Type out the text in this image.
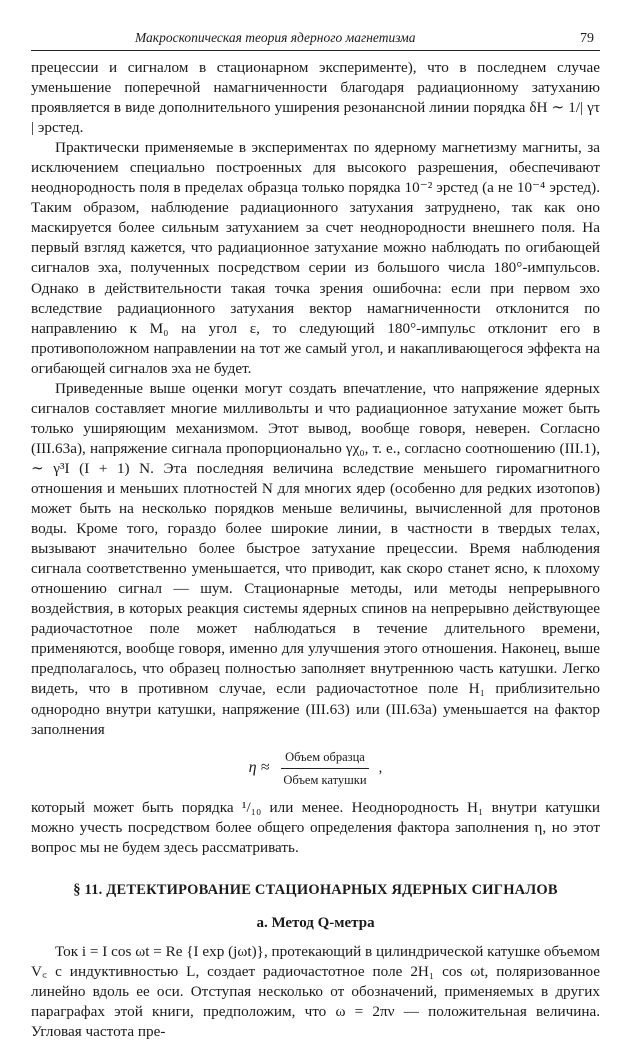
Макроскопическая теория ядерного магнетизма	79

прецессии и сигналом в стационарном эксперименте), что в последнем случае уменьшение поперечной намагниченности благодаря радиационному затуханию проявляется в виде дополнительного уширения резонансной линии порядка δH ∼ 1/| γτ | эрстед.

Практически применяемые в экспериментах по ядерному магнетизму магниты, за исключением специально построенных для высокого разрешения, обеспечивают неоднородность поля в пределах образца только порядка 10⁻² эрстед (а не 10⁻⁴ эрстед). Таким образом, наблюдение радиационного затухания затруднено, так как оно маскируется более сильным затуханием за счет неоднородности внешнего поля. На первый взгляд кажется, что радиационное затухание можно наблюдать по огибающей сигналов эха, полученных посредством серии из большого числа 180°-импульсов. Однако в действительности такая точка зрения ошибочна: если при первом эхо вследствие радиационного затухания вектор намагниченности отклонится по направлению к M₀ на угол ε, то следующий 180°-импульс отклонит его в противоположном направлении на тот же самый угол, и накапливающегося эффекта на огибающей сигналов эха не будет.

Приведенные выше оценки могут создать впечатление, что напряжение ядерных сигналов составляет многие милливольты и что радиационное затухание может быть только уширяющим механизмом. Этот вывод, вообще говоря, неверен. Согласно (III.63а), напряжение сигнала пропорционально γχ₀, т. е., согласно соотношению (III.1), ∼ γ³I (I + 1) N. Эта последняя величина вследствие меньшего гиромагнитного отношения и меньших плотностей N для многих ядер (особенно для редких изотопов) может быть на несколько порядков меньше величины, вычисленной для протонов воды. Кроме того, гораздо более широкие линии, в частности в твердых телах, вызывают значительно более быстрое затухание прецессии. Время наблюдения сигнала соответственно уменьшается, что приводит, как скоро станет ясно, к плохому отношению сигнал — шум. Стационарные методы, или методы непрерывного воздействия, в которых реакция системы ядерных спинов на непрерывно действующее радиочастотное поле может наблюдаться в течение длительного времени, применяются, вообще говоря, именно для улучшения этого отношения. Наконец, выше предполагалось, что образец полностью заполняет внутреннюю часть катушки. Легко видеть, что в противном случае, если радиочастотное поле H₁ приблизительно однородно внутри катушки, напряжение (III.63) или (III.63а) уменьшается на фактор заполнения

$\eta \approx \frac{\text{Объем образца}}{\text{Объем катушки}}$ ,

который может быть порядка ¹/₁₀ или менее. Неоднородность H₁ внутри катушки можно учесть посредством более общего определения фактора заполнения η, но этот вопрос мы не будем здесь рассматривать.

§ 11. ДЕТЕКТИРОВАНИЕ СТАЦИОНАРНЫХ ЯДЕРНЫХ СИГНАЛОВ
а. Метод Q-метра

Ток i = I cos ωt = Re {I exp (jωt)}, протекающий в цилиндрической катушке объемом V꜀ с индуктивностью L, создает радиочастотное поле 2H₁ cos ωt, поляризованное линейно вдоль ее оси. Отступая несколько от обозначений, применяемых в других параграфах этой книги, предположим, что ω = 2πν — положительная величина. Угловая частота пре-
